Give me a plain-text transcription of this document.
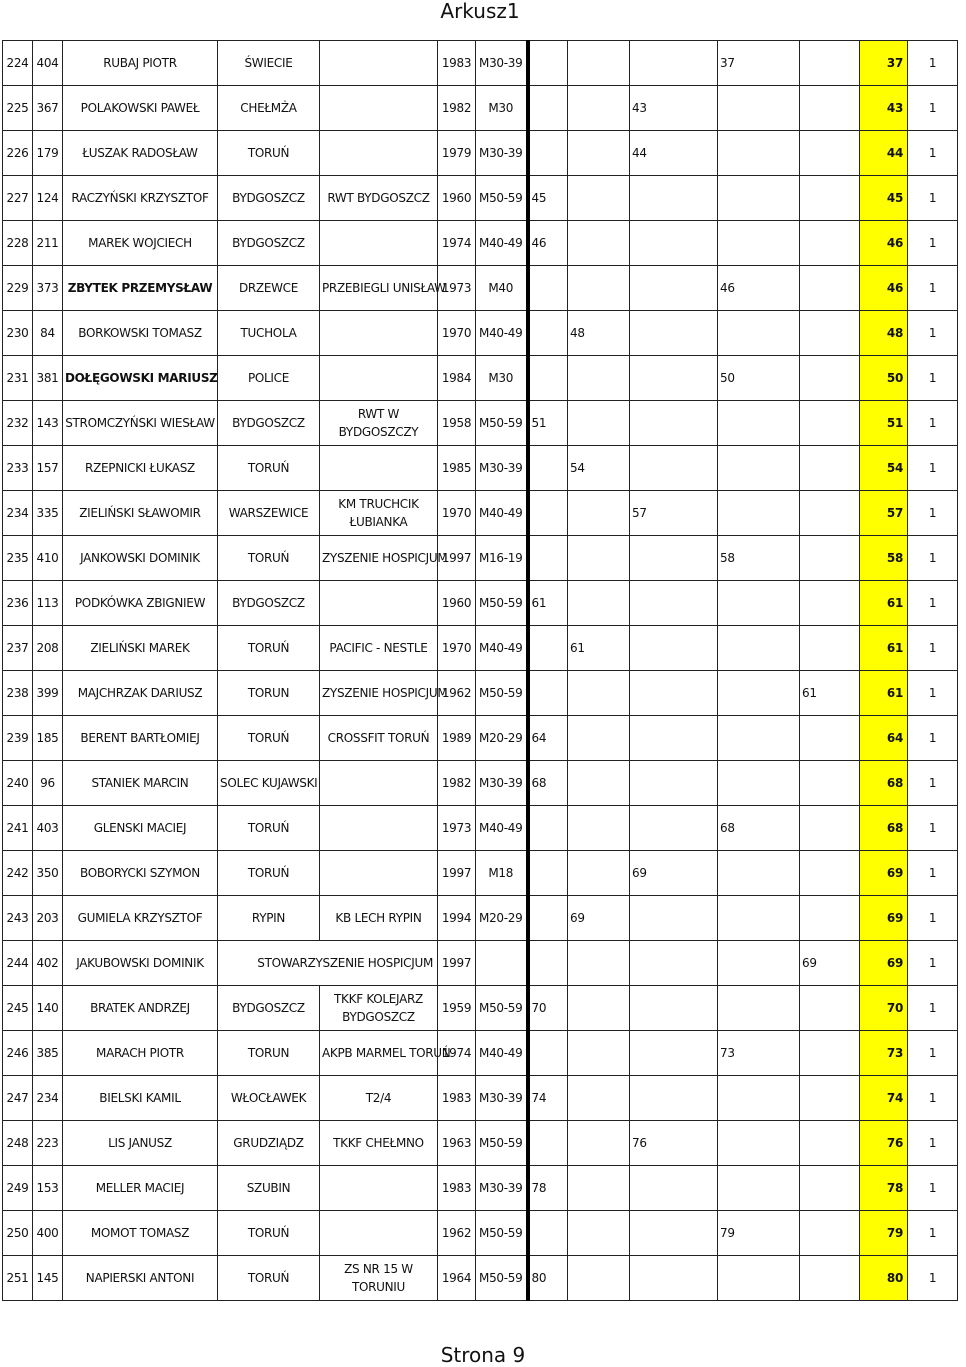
Arkusz1
224	404	RUBAJ PIOTR	ŚWIECIE		1983	M30-39				37		37	1
225	367	POLAKOWSKI PAWEŁ	CHEŁMŻA		1982	M30			43			43	1
226	179	ŁUSZAK RADOSŁAW	TORUŃ		1979	M30-39			44			44	1
227	124	RACZYŃSKI KRZYSZTOF	BYDGOSZCZ	RWT BYDGOSZCZ	1960	M50-59	45					45	1
228	211	MAREK WOJCIECH	BYDGOSZCZ		1974	M40-49	46					46	1
229	373	ZBYTEK PRZEMYSŁAW	DRZEWCE	PRZEBIEGLI UNISŁAW	1973	M40				46		46	1
230	84	BORKOWSKI TOMASZ	TUCHOLA		1970	M40-49		48				48	1
231	381	DOŁĘGOWSKI MARIUSZ	POLICE		1984	M30				50		50	1
232	143	STROMCZYŃSKI WIESŁAW	BYDGOSZCZ	RWT W BYDGOSZCZY	1958	M50-59	51					51	1
233	157	RZEPNICKI ŁUKASZ	TORUŃ		1985	M30-39		54				54	1
234	335	ZIELIŃSKI SŁAWOMIR	WARSZEWICE	KM TRUCHCIK ŁUBIANKA	1970	M40-49			57			57	1
235	410	JANKOWSKI DOMINIK	TORUŃ	ZYSZENIE HOSPICJUM	1997	M16-19				58		58	1
236	113	PODKÓWKA ZBIGNIEW	BYDGOSZCZ		1960	M50-59	61					61	1
237	208	ZIELIŃSKI MAREK	TORUŃ	PACIFIC - NESTLE	1970	M40-49		61				61	1
238	399	MAJCHRZAK DARIUSZ	TORUN	ZYSZENIE HOSPICJUM	1962	M50-59					61	61	1
239	185	BERENT BARTŁOMIEJ	TORUŃ	CROSSFIT TORUŃ	1989	M20-29	64					64	1
240	96	STANIEK MARCIN	SOLEC KUJAWSKI		1982	M30-39	68					68	1
241	403	GLENSKI MACIEJ	TORUŃ		1973	M40-49				68		68	1
242	350	BOBORYCKI SZYMON	TORUŃ		1997	M18			69			69	1
243	203	GUMIELA KRZYSZTOF	RYPIN	KB LECH RYPIN	1994	M20-29		69				69	1
244	402	JAKUBOWSKI DOMINIK	STOWARZYSZENIE HOSPICJUM		1997						69	69	1
245	140	BRATEK ANDRZEJ	BYDGOSZCZ	TKKF KOLEJARZ BYDGOSZCZ	1959	M50-59	70					70	1
246	385	MARACH PIOTR	TORUN	AKPB MARMEL TORUŃ	1974	M40-49				73		73	1
247	234	BIELSKI KAMIL	WŁOCŁAWEK	T2/4	1983	M30-39	74					74	1
248	223	LIS JANUSZ	GRUDZIĄDZ	TKKF CHEŁMNO	1963	M50-59			76			76	1
249	153	MELLER MACIEJ	SZUBIN		1983	M30-39	78					78	1
250	400	MOMOT TOMASZ	TORUŃ		1962	M50-59				79		79	1
251	145	NAPIERSKI ANTONI	TORUŃ	ZS NR 15 W TORUNIU	1964	M50-59	80					80	1
Strona 9
